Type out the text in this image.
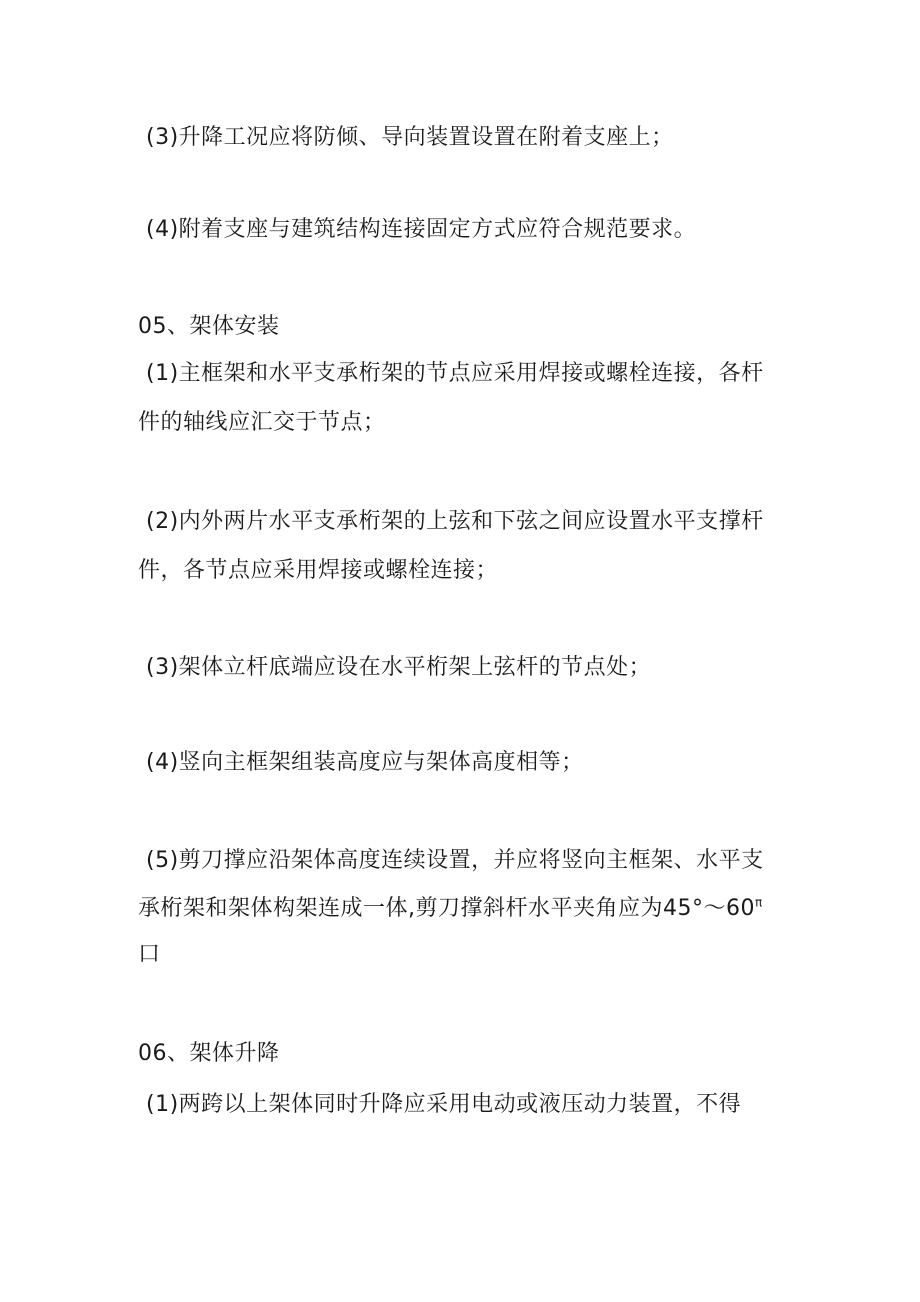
(3)升降工况应将防倾、导向装置设置在附着支座上；
(4)附着支座与建筑结构连接固定方式应符合规范要求。
05、架体安装
(1)主框架和水平支承桁架的节点应采用焊接或螺栓连接，各杆
件的轴线应汇交于节点；
(2)内外两片水平支承桁架的上弦和下弦之间应设置水平支撑杆
件，各节点应采用焊接或螺栓连接；
(3)架体立杆底端应设在水平桁架上弦杆的节点处；
(4)竖向主框架组装高度应与架体高度相等；
(5)剪刀撑应沿架体高度连续设置，并应将竖向主框架、水平支
承桁架和架体构架连成一体,剪刀撑斜杆水平夹角应为$45^\circ\sim 60^\pi$
口
06、架体升降
(1)两跨以上架体同时升降应采用电动或液压动力装置，不得
